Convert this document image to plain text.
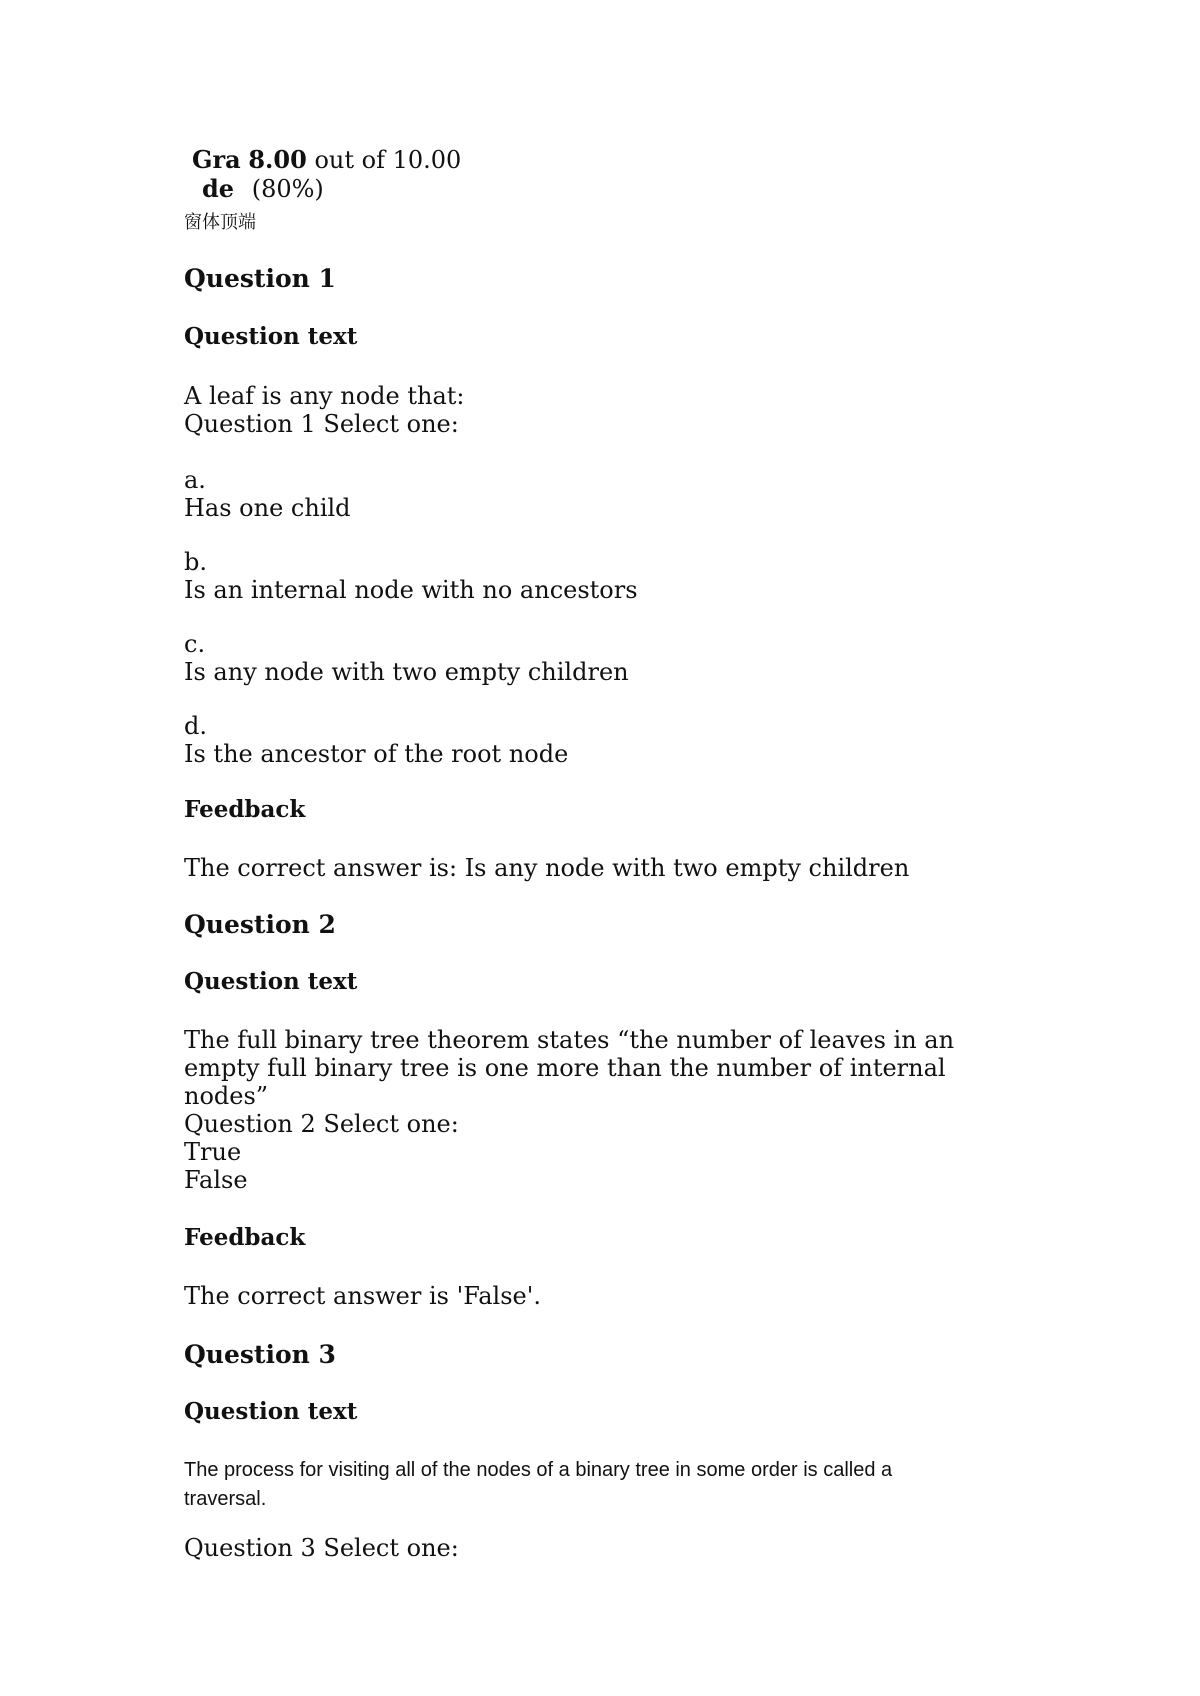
Gra 8.00 out of 10.00
de (80%)
窗体顶端
Question 1
Question text
A leaf is any node that:
Question 1 Select one:
a.
Has one child
b.
Is an internal node with no ancestors
c.
Is any node with two empty children
d.
Is the ancestor of the root node
Feedback
The correct answer is: Is any node with two empty children
Question 2
Question text
The full binary tree theorem states “the number of leaves in an
empty full binary tree is one more than the number of internal
nodes”
Question 2 Select one:
True
False
Feedback
The correct answer is 'False'.
Question 3
Question text
The process for visiting all of the nodes of a binary tree in some order is called a
traversal.
Question 3 Select one:
